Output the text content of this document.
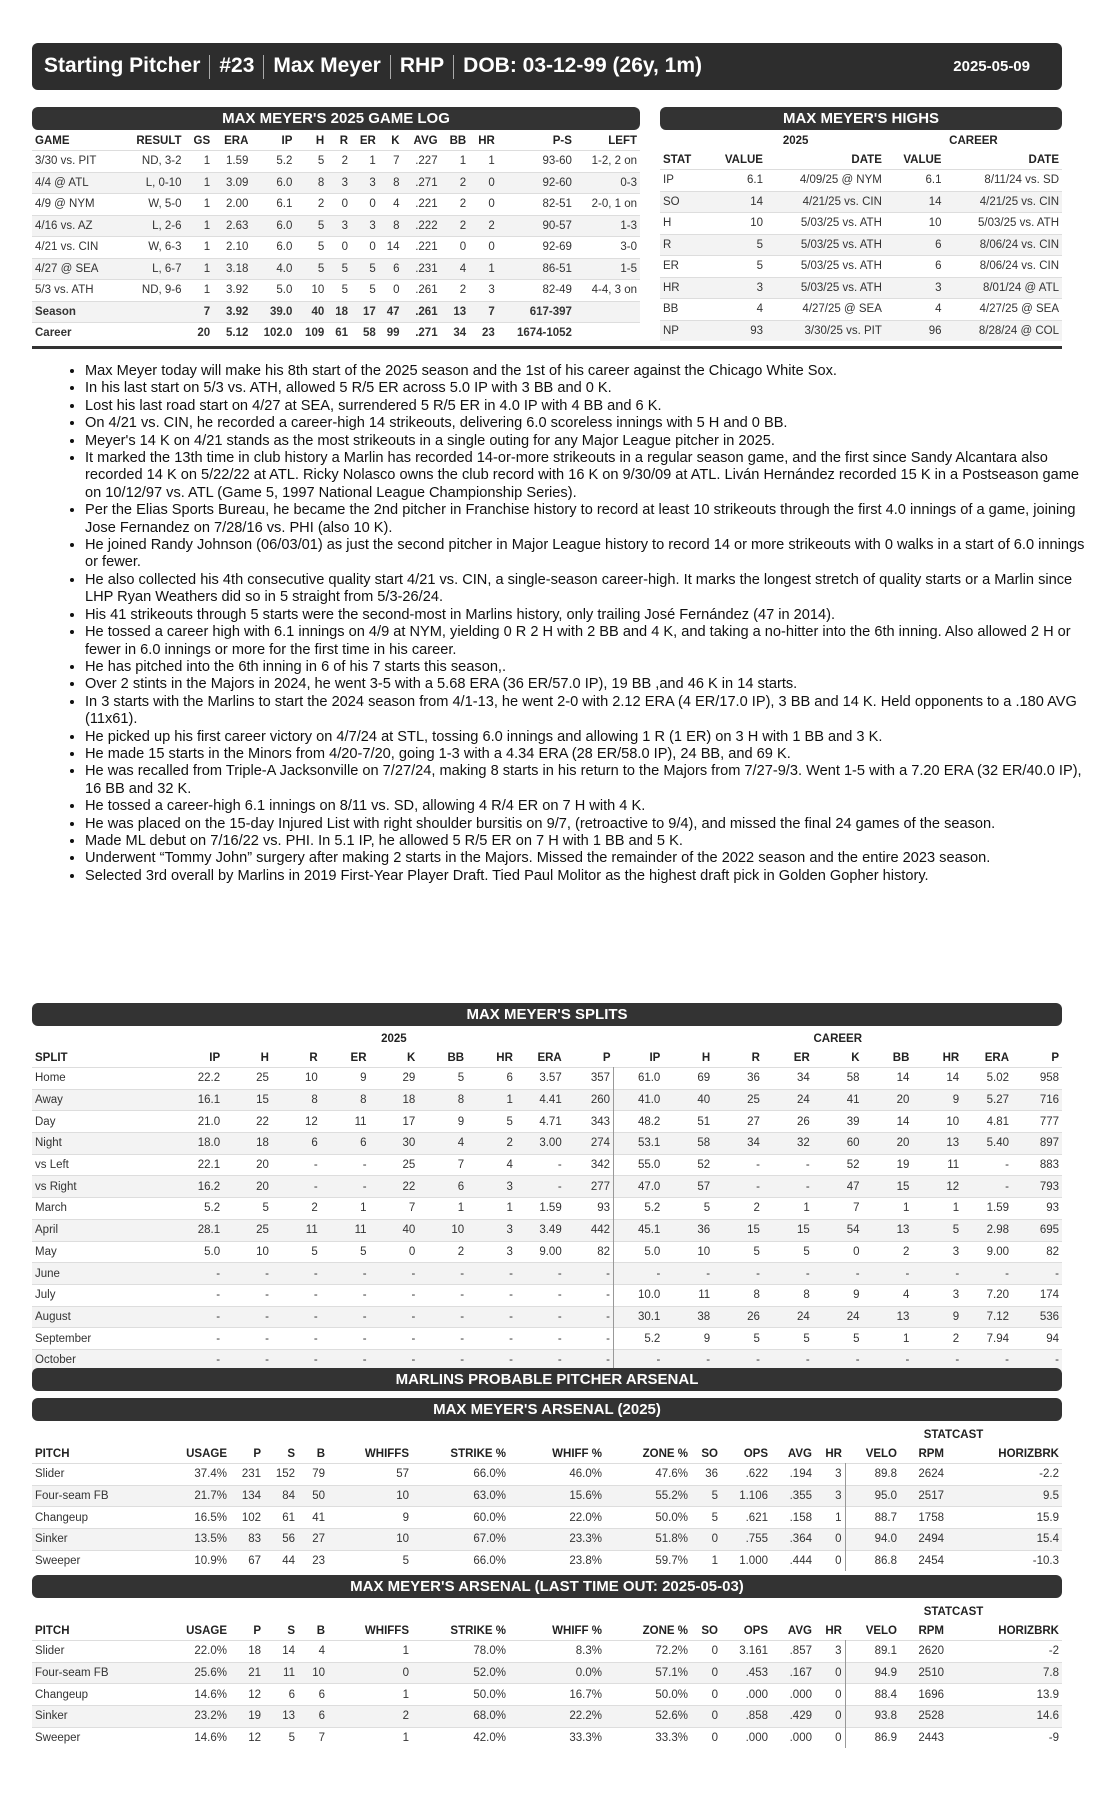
Starting Pitcher #23 Max Meyer RHP DOB: 03-12-99 (26y, 1m)	2025-05-09
MAX MEYER'S 2025 GAME LOG
GAME	RESULT	GS	ERA	IP	H	R	ER	K	AVG	BB	HR	P-S	LEFT
3/30 vs. PIT	ND, 3-2	1	1.59	5.2	5	2	1	7	.227	1	1	93-60	1-2, 2 on
4/4 @ ATL	L, 0-10	1	3.09	6.0	8	3	3	8	.271	2	0	92-60	0-3
4/9 @ NYM	W, 5-0	1	2.00	6.1	2	0	0	4	.221	2	0	82-51	2-0, 1 on
4/16 vs. AZ	L, 2-6	1	2.63	6.0	5	3	3	8	.222	2	2	90-57	1-3
4/21 vs. CIN	W, 6-3	1	2.10	6.0	5	0	0	14	.221	0	0	92-69	3-0
4/27 @ SEA	L, 6-7	1	3.18	4.0	5	5	5	6	.231	4	1	86-51	1-5
5/3 vs. ATH	ND, 9-6	1	3.92	5.0	10	5	5	0	.261	2	3	82-49	4-4, 3 on
Season		7	3.92	39.0	40	18	17	47	.261	13	7	617-397	
Career		20	5.12	102.0	109	61	58	99	.271	34	23	1674-1052	
MAX MEYER'S HIGHS
	2025		CAREER	
STAT	VALUE	DATE	VALUE	DATE
IP	6.1	4/09/25 @ NYM	6.1	8/11/24 vs. SD
SO	14	4/21/25 vs. CIN	14	4/21/25 vs. CIN
H	10	5/03/25 vs. ATH	10	5/03/25 vs. ATH
R	5	5/03/25 vs. ATH	6	8/06/24 vs. CIN
ER	5	5/03/25 vs. ATH	6	8/06/24 vs. CIN
HR	3	5/03/25 vs. ATH	3	8/01/24 @ ATL
BB	4	4/27/25 @ SEA	4	4/27/25 @ SEA
NP	93	3/30/25 vs. PIT	96	8/28/24 @ COL
• Max Meyer today will make his 8th start of the 2025 season and the 1st of his career against the Chicago White Sox.
• In his last start on 5/3 vs. ATH, allowed 5 R/5 ER across 5.0 IP with 3 BB and 0 K.
• Lost his last road start on 4/27 at SEA, surrendered 5 R/5 ER in 4.0 IP with 4 BB and 6 K.
• On 4/21 vs. CIN, he recorded a career-high 14 strikeouts, delivering 6.0 scoreless innings with 5 H and 0 BB.
• Meyer's 14 K on 4/21 stands as the most strikeouts in a single outing for any Major League pitcher in 2025.
• It marked the 13th time in club history a Marlin has recorded 14-or-more strikeouts in a regular season game, and the first since Sandy Alcantara also recorded 14 K on 5/22/22 at ATL. Ricky Nolasco owns the club record with 16 K on 9/30/09 at ATL. Liván Hernández recorded 15 K in a Postseason game on 10/12/97 vs. ATL (Game 5, 1997 National League Championship Series).
• Per the Elias Sports Bureau, he became the 2nd pitcher in Franchise history to record at least 10 strikeouts through the first 4.0 innings of a game, joining Jose Fernandez on 7/28/16 vs. PHI (also 10 K).
• He joined Randy Johnson (06/03/01) as just the second pitcher in Major League history to record 14 or more strikeouts with 0 walks in a start of 6.0 innings or fewer.
• He also collected his 4th consecutive quality start 4/21 vs. CIN, a single-season career-high. It marks the longest stretch of quality starts or a Marlin since LHP Ryan Weathers did so in 5 straight from 5/3-26/24.
• His 41 strikeouts through 5 starts were the second-most in Marlins history, only trailing José Fernández (47 in 2014).
• He tossed a career high with 6.1 innings on 4/9 at NYM, yielding 0 R 2 H with 2 BB and 4 K, and taking a no-hitter into the 6th inning. Also allowed 2 H or fewer in 6.0 innings or more for the first time in his career.
• He has pitched into the 6th inning in 6 of his 7 starts this season,.
• Over 2 stints in the Majors in 2024, he went 3-5 with a 5.68 ERA (36 ER/57.0 IP), 19 BB ,and 46 K in 14 starts.
• In 3 starts with the Marlins to start the 2024 season from 4/1-13, he went 2-0 with 2.12 ERA (4 ER/17.0 IP), 3 BB and 14 K. Held opponents to a .180 AVG (11x61).
• He picked up his first career victory on 4/7/24 at STL, tossing 6.0 innings and allowing 1 R (1 ER) on 3 H with 1 BB and 3 K.
• He made 15 starts in the Minors from 4/20-7/20, going 1-3 with a 4.34 ERA (28 ER/58.0 IP), 24 BB, and 69 K.
• He was recalled from Triple-A Jacksonville on 7/27/24, making 8 starts in his return to the Majors from 7/27-9/3. Went 1-5 with a 7.20 ERA (32 ER/40.0 IP), 16 BB and 32 K.
• He tossed a career-high 6.1 innings on 8/11 vs. SD, allowing 4 R/4 ER on 7 H with 4 K.
• He was placed on the 15-day Injured List with right shoulder bursitis on 9/7, (retroactive to 9/4), and missed the final 24 games of the season.
• Made ML debut on 7/16/22 vs. PHI. In 5.1 IP, he allowed 5 R/5 ER on 7 H with 1 BB and 5 K.
• Underwent “Tommy John” surgery after making 2 starts in the Majors. Missed the remainder of the 2022 season and the entire 2023 season.
• Selected 3rd overall by Marlins in 2019 First-Year Player Draft. Tied Paul Molitor as the highest draft pick in Golden Gopher history.
MAX MEYER'S SPLITS
	2025									CAREER								
SPLIT	IP	H	R	ER	K	BB	HR	ERA	P	IP	H	R	ER	K	BB	HR	ERA	P
Home	22.2	25	10	9	29	5	6	3.57	357	61.0	69	36	34	58	14	14	5.02	958
Away	16.1	15	8	8	18	8	1	4.41	260	41.0	40	25	24	41	20	9	5.27	716
Day	21.0	22	12	11	17	9	5	4.71	343	48.2	51	27	26	39	14	10	4.81	777
Night	18.0	18	6	6	30	4	2	3.00	274	53.1	58	34	32	60	20	13	5.40	897
vs Left	22.1	20	-	-	25	7	4	-	342	55.0	52	-	-	52	19	11	-	883
vs Right	16.2	20	-	-	22	6	3	-	277	47.0	57	-	-	47	15	12	-	793
March	5.2	5	2	1	7	1	1	1.59	93	5.2	5	2	1	7	1	1	1.59	93
April	28.1	25	11	11	40	10	3	3.49	442	45.1	36	15	15	54	13	5	2.98	695
May	5.0	10	5	5	0	2	3	9.00	82	5.0	10	5	5	0	2	3	9.00	82
June	-	-	-	-	-	-	-	-	-	-	-	-	-	-	-	-	-	-
July	-	-	-	-	-	-	-	-	-	10.0	11	8	8	9	4	3	7.20	174
August	-	-	-	-	-	-	-	-	-	30.1	38	26	24	24	13	9	7.12	536
September	-	-	-	-	-	-	-	-	-	5.2	9	5	5	5	1	2	7.94	94
October	-	-	-	-	-	-	-	-	-	-	-	-	-	-	-	-	-	-
MARLINS PROBABLE PITCHER ARSENAL
MAX MEYER'S ARSENAL (2025)
													STATCAST		
PITCH	USAGE	P	S	B	WHIFFS	STRIKE %	WHIFF %	ZONE %	SO	OPS	AVG	HR	VELO	RPM	HORIZBRK
Slider	37.4%	231	152	79	57	66.0%	46.0%	47.6%	36	.622	.194	3	89.8	2624	-2.2
Four-seam FB	21.7%	134	84	50	10	63.0%	15.6%	55.2%	5	1.106	.355	3	95.0	2517	9.5
Changeup	16.5%	102	61	41	9	60.0%	22.0%	50.0%	5	.621	.158	1	88.7	1758	15.9
Sinker	13.5%	83	56	27	10	67.0%	23.3%	51.8%	0	.755	.364	0	94.0	2494	15.4
Sweeper	10.9%	67	44	23	5	66.0%	23.8%	59.7%	1	1.000	.444	0	86.8	2454	-10.3
MAX MEYER'S ARSENAL (LAST TIME OUT: 2025-05-03)
													STATCAST		
PITCH	USAGE	P	S	B	WHIFFS	STRIKE %	WHIFF %	ZONE %	SO	OPS	AVG	HR	VELO	RPM	HORIZBRK
Slider	22.0%	18	14	4	1	78.0%	8.3%	72.2%	0	3.161	.857	3	89.1	2620	-2
Four-seam FB	25.6%	21	11	10	0	52.0%	0.0%	57.1%	0	.453	.167	0	94.9	2510	7.8
Changeup	14.6%	12	6	6	1	50.0%	16.7%	50.0%	0	.000	.000	0	88.4	1696	13.9
Sinker	23.2%	19	13	6	2	68.0%	22.2%	52.6%	0	.858	.429	0	93.8	2528	14.6
Sweeper	14.6%	12	5	7	1	42.0%	33.3%	33.3%	0	.000	.000	0	86.9	2443	-9
